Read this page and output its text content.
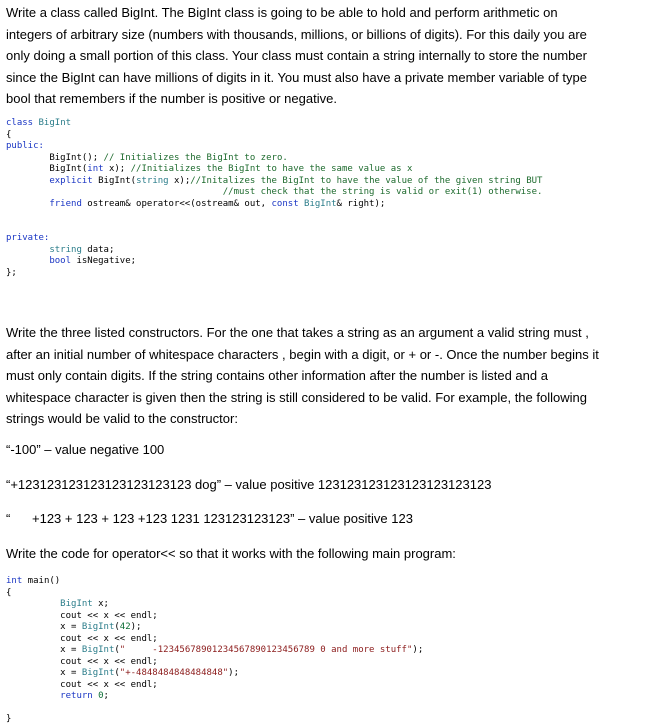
Write a class called BigInt. The BigInt class is going to be able to hold and perform arithmetic on
integers of arbitrary size (numbers with thousands, millions, or billions of digits). For this daily you are
only doing a small portion of this class. Your class must contain a string internally to store the number
since the BigInt can have millions of digits in it. You must also have a private member variable of type
bool that remembers if the number is positive or negative.
class BigInt
{
public:
BigInt(); // Initializes the BigInt to zero.
BigInt(int x); //Initializes the BigInt to have the same value as x
explicit BigInt(string x);//Initalizes the BigInt to have the value of the given string BUT
//must check that the string is valid or exit(1) otherwise.
friend ostream& operator<<(ostream& out, const BigInt& right);

private:
string data;
bool isNegative;
};
Write the three listed constructors. For the one that takes a string as an argument a valid string must ,
after an initial number of whitespace characters , begin with a digit, or + or -. Once the number begins it
must only contain digits. If the string contains other information after the number is listed and a
whitespace character is given then the string is still considered to be valid. For example, the following
strings would be valid to the constructor:
“-100” – value negative 100
“+123123123123123123123123 dog” – value positive 123123123123123123123123
“      +123 + 123 + 123 +123 1231 123123123123” – value positive 123
Write the code for operator<< so that it works with the following main program:
int main()
{
BigInt x;
cout << x << endl;
x = BigInt(42);
cout << x << endl;
x = BigInt("     -12345678901234567890123456789 0 and more stuff");
cout << x << endl;
x = BigInt("+-4848484848484848");
cout << x << endl;
return 0;

}
